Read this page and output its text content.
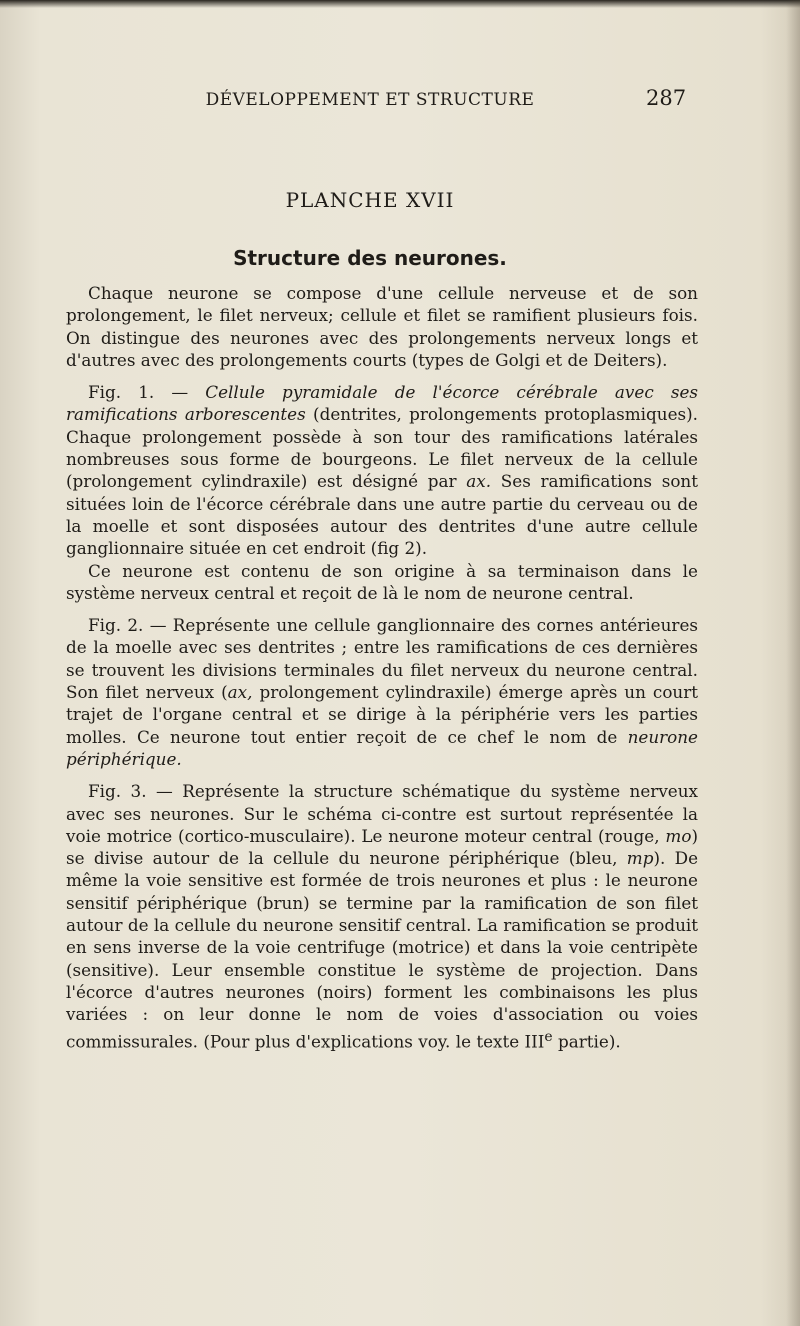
DÉVELOPPEMENT ET STRUCTURE	287
PLANCHE XVII
Structure des neurones.

Chaque neurone se compose d'une cellule nerveuse et de son prolongement, le filet nerveux; cellule et filet se ramifient plusieurs fois. On distingue des neurones avec des prolongements nerveux longs et d'autres avec des prolongements courts (types de Golgi et de Deiters).

Fig. 1. — Cellule pyramidale de l'écorce cérébrale avec ses ramifications arborescentes (dentrites, prolongements protoplasmiques). Chaque prolongement possède à son tour des ramifications latérales nombreuses sous forme de bourgeons. Le filet nerveux de la cellule (prolongement cylindraxile) est désigné par ax. Ses ramifications sont situées loin de l'écorce cérébrale dans une autre partie du cerveau ou de la moelle et sont disposées autour des dentrites d'une autre cellule ganglionnaire située en cet endroit (fig 2).

Ce neurone est contenu de son origine à sa terminaison dans le système nerveux central et reçoit de là le nom de neurone central.

Fig. 2. — Représente une cellule ganglionnaire des cornes antérieures de la moelle avec ses dentrites ; entre les ramifications de ces dernières se trouvent les divisions terminales du filet nerveux du neurone central. Son filet nerveux (ax, prolongement cylindraxile) émerge après un court trajet de l'organe central et se dirige à la périphérie vers les parties molles. Ce neurone tout entier reçoit de ce chef le nom de neurone périphérique.

Fig. 3. — Représente la structure schématique du système nerveux avec ses neurones. Sur le schéma ci-contre est surtout représentée la voie motrice (cortico-musculaire). Le neurone moteur central (rouge, mo) se divise autour de la cellule du neurone périphérique (bleu, mp). De même la voie sensitive est formée de trois neurones et plus : le neurone sensitif périphérique (brun) se termine par la ramification de son filet autour de la cellule du neurone sensitif central. La ramification se produit en sens inverse de la voie centrifuge (motrice) et dans la voie centripète (sensitive). Leur ensemble constitue le système de projection. Dans l'écorce d'autres neurones (noirs) forment les combinaisons les plus variées : on leur donne le nom de voies d'association ou voies commissurales. (Pour plus d'explications voy. le texte IIIe partie).
